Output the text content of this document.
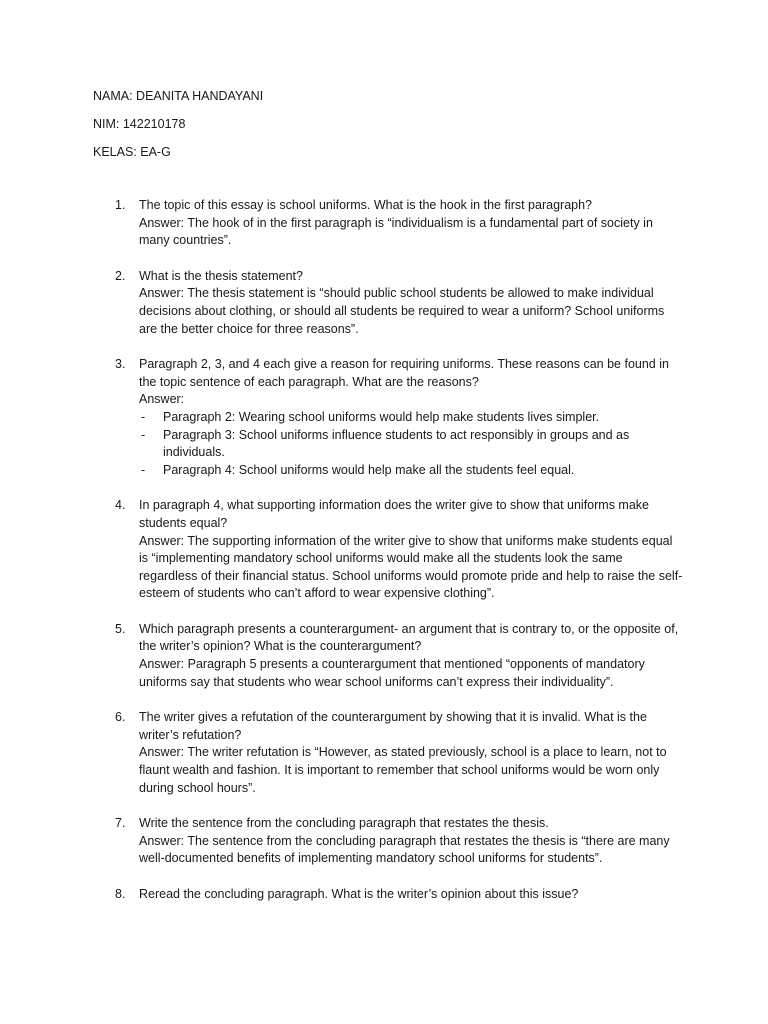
NAMA: DEANITA HANDAYANI
NIM: 142210178
KELAS: EA-G
1. The topic of this essay is school uniforms. What is the hook in the first paragraph?
Answer: The hook of in the first paragraph is “individualism is a fundamental part of society in many countries”.
2. What is the thesis statement?
Answer: The thesis statement is “should public school students be allowed to make individual decisions about clothing, or should all students be required to wear a uniform? School uniforms are the better choice for three reasons”.
3. Paragraph 2, 3, and 4 each give a reason for requiring uniforms. These reasons can be found in the topic sentence of each paragraph. What are the reasons?
Answer:
- Paragraph 2: Wearing school uniforms would help make students lives simpler.
- Paragraph 3: School uniforms influence students to act responsibly in groups and as individuals.
- Paragraph 4: School uniforms would help make all the students feel equal.
4. In paragraph 4, what supporting information does the writer give to show that uniforms make students equal?
Answer: The supporting information of the writer give to show that uniforms make students equal is “implementing mandatory school uniforms would make all the students look the same regardless of their financial status. School uniforms would promote pride and help to raise the self-esteem of students who can’t afford to wear expensive clothing”.
5. Which paragraph presents a counterargument- an argument that is contrary to, or the opposite of, the writer’s opinion? What is the counterargument?
Answer: Paragraph 5 presents a counterargument that mentioned “opponents of mandatory uniforms say that students who wear school uniforms can’t express their individuality”.
6. The writer gives a refutation of the counterargument by showing that it is invalid. What is the writer’s refutation?
Answer: The writer refutation is “However, as stated previously, school is a place to learn, not to flaunt wealth and fashion. It is important to remember that school uniforms would be worn only during school hours”.
7. Write the sentence from the concluding paragraph that restates the thesis.
Answer: The sentence from the concluding paragraph that restates the thesis is “there are many well-documented benefits of implementing mandatory school uniforms for students”.
8. Reread the concluding paragraph. What is the writer’s opinion about this issue?
